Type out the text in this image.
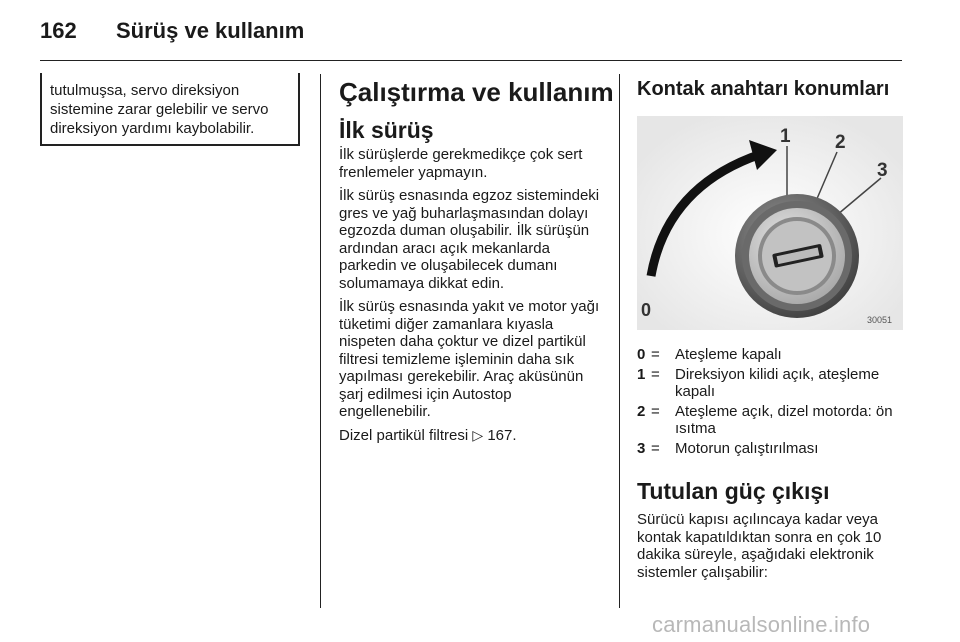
162 Sürüş ve kullanım
tutulmuşsa, servo direksiyon sistemine zarar gelebilir ve servo direksiyon yardımı kaybolabilir.
Çalıştırma ve kullanım
İlk sürüş

İlk sürüşlerde gerekmedikçe çok sert frenlemeler yapmayın.

İlk sürüş esnasında egzoz sistemindeki gres ve yağ buharlaşmasından dolayı egzozda duman oluşabilir. İlk sürüşün ardından aracı açık mekanlarda parkedin ve oluşabilecek dumanı solumamaya dikkat edin.

İlk sürüş esnasında yakıt ve motor yağı tüketimi diğer zamanlara kıyasla nispeten daha çoktur ve dizel partikül filtresi temizleme işleminin daha sık yapılması gerekebilir. Araç aküsünün şarj edilmesi için Autostop engellenebilir.

Dizel partikül filtresi ▷ 167.

Kontak anahtarı konumları
0
1 2
3
30051
0 =	Ateşleme kapalı
1 =	Direksiyon kilidi açık, ateşleme kapalı
2 =	Ateşleme açık, dizel motorda: ön ısıtma
3 =	Motorun çalıştırılması
Tutulan güç çıkışı

Sürücü kapısı açılıncaya kadar veya kontak kapatıldıktan sonra en çok 10 dakika süreyle, aşağıdaki elektronik sistemler çalışabilir:

carmanualsonline.info
